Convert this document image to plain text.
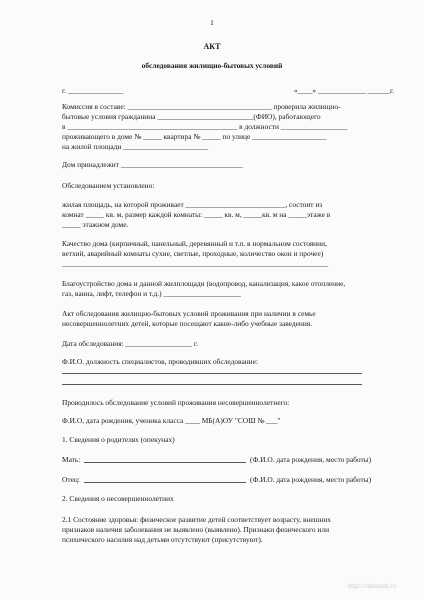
1
АКТ
обследования жилищно-бытовых условий
г. _______________	«____» _____________ ______г.
Комиссия в составе: _______________________________________ проверила жилищно-
бытовые условия гражданина __________________________(ФИО), работающего
в ______________________________________________ в должности __________________
проживающего в доме № _____ квартира № _____ по улице ____________________
на жилой площади _______________________
Дом принадлежит _________________________________
Обследованием установлено:
жилая площадь, на которой проживает ___________________________, состоит из
комнат _____ кв. м, размер каждой комнаты: _____ кв. м, _____кв. м на _____этаже в
_____ этажном доме.
Качество дома (кирпичный, панельный, деревянный и т.п. в нормальном состоянии,
ветхий, аварийный комнаты сухие, светлые, проходные, количество окон и прочее)
________________________________________________________________________
Благоустройство дома и данной жилплощади (водопровод, канализация, какое отопление,
газ, ванна, лифт, телефон и т.д.) _____________________
Акт обследования жилищно-бытовых условий проживания при наличии в семье
несовершеннолетних детей, которые посещают какие-либо учебные заведения.
Дата обследования: __________________ г.
Ф.И.О. должность специалистов, проводивших обследование:
Проводилось обследование условий проживания несовершеннолетнего:
Ф.И.О, дата рождения, ученика класса ____ МБ(А)ОУ "СОШ № ___"
1. Сведения о родителях (опекунах)
Мать:	(Ф.И.О. дата рождения, место работы)
Отец:	(Ф.И.О. дата рождения, место работы)
2. Сведения о несовершеннолетних
2.1 Состояние здоровья: физическое развитие детей соответствует возрасту, внешних
признаков наличия заболевания не выявлено (выявлено). Признаки физического или
психического насилия над детьми отсутствуют (присутствуют).
https://obrazets.ru
